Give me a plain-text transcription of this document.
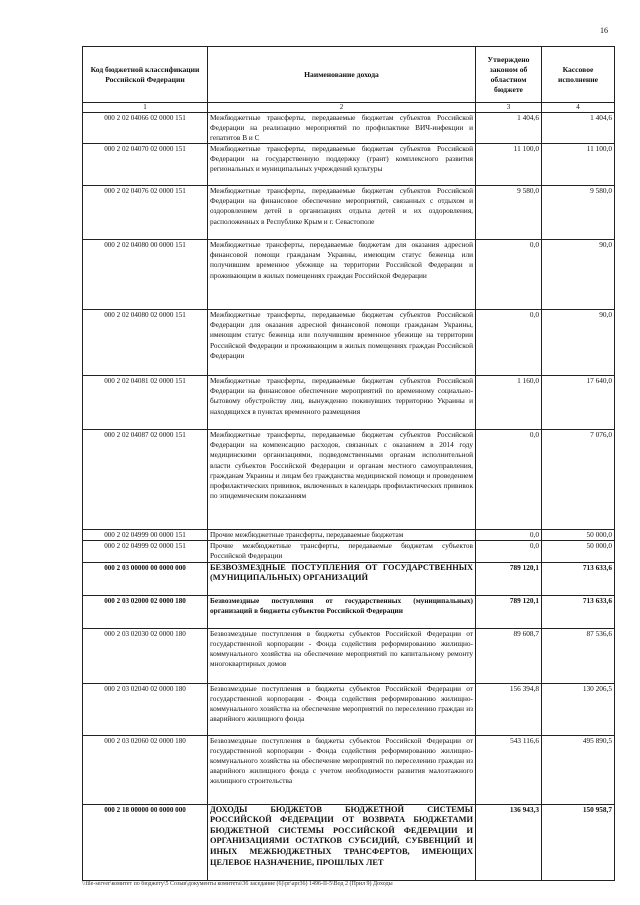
16
Код бюджетной классификации Российской Федерации	Наименование дохода	Утверждено законом об областном бюджете	Кассовое исполнение
1	2	3	4
000 2 02 04066 02 0000 151	Межбюджетные трансферты, передаваемые бюджетам субъектов Российской Федерации на реализацию мероприятий по профилактике ВИЧ-инфекции и гепатитов В и С	1 404,6	1 404,6
000 2 02 04070 02 0000 151	Межбюджетные трансферты, передаваемые бюджетам субъектов Российской Федерации на государственную поддержку (грант) комплексного развития региональных и муниципальных учреждений культуры	11 100,0	11 100,0
000 2 02 04076 02 0000 151	Межбюджетные трансферты, передаваемые бюджетам субъектов Российской Федерации на финансовое обеспечение мероприятий, связанных с отдыхом и оздоровлением детей в организациях отдыха детей и их оздоровления, расположенных в Республике Крым и г. Севастополе	9 580,0	9 580,0
000 2 02 04080 00 0000 151	Межбюджетные трансферты, передаваемые бюджетам для оказания адресной финансовой помощи гражданам Украины, имеющим статус беженца или получившим временное убежище на территории Российской Федерации и проживающим в жилых помещениях граждан Российской Федерации	0,0	90,0
000 2 02 04080 02 0000 151	Межбюджетные трансферты, передаваемые бюджетам субъектов Российской Федерации для оказания адресной финансовой помощи гражданам Украины, имеющим статус беженца или получившим временное убежище на территории Российской Федерации и проживающим в жилых помещениях граждан Российской Федерации	0,0	90,0
000 2 02 04081 02 0000 151	Межбюджетные трансферты, передаваемые бюджетам субъектов Российской Федерации на финансовое обеспечение мероприятий по временному социально-бытовому обустройству лиц, вынужденно покинувших территорию Украины и находящихся в пунктах временного размещения	1 160,0	17 640,0
000 2 02 04087 02 0000 151	Межбюджетные трансферты, передаваемые бюджетам субъектов Российской Федерации на компенсацию расходов, связанных с оказанием в 2014 году медицинскими организациями, подведомственными органам исполнительной власти субъектов Российской Федерации и органам местного самоуправления, гражданам Украины и лицам без гражданства медицинской помощи и проведением профилактических прививок, включенных в календарь профилактических прививок по эпидемическим показаниям	0,0	7 076,0
000 2 02 04999 00 0000 151	Прочие межбюджетные трансферты, передаваемые бюджетам	0,0	50 000,0
000 2 02 04999 02 0000 151	Прочие межбюджетные трансферты, передаваемые бюджетам субъектов Российской Федерации	0,0	50 000,0
000 2 03 00000 00 0000 000	БЕЗВОЗМЕЗДНЫЕ ПОСТУПЛЕНИЯ ОТ ГОСУДАРСТВЕННЫХ (МУНИЦИПАЛЬНЫХ) ОРГАНИЗАЦИЙ	789 120,1	713 633,6
000 2 03 02000 02 0000 180	Безвозмездные поступления от государственных (муниципальных) организаций в бюджеты субъектов Российской Федерации	789 120,1	713 633,6
000 2 03 02030 02 0000 180	Безвозмездные поступления в бюджеты субъектов Российской Федерации от государственной корпорации - Фонда содействия реформированию жилищно-коммунального хозяйства на обеспечение мероприятий по капитальному ремонту многоквартирных домов	89 608,7	87 536,6
000 2 03 02040 02 0000 180	Безвозмездные поступления в бюджеты субъектов Российской Федерации от государственной корпорации - Фонда содействия реформированию жилищно-коммунального хозяйства на обеспечение мероприятий по переселению граждан из аварийного жилищного фонда	156 394,8	130 206,5
000 2 03 02060 02 0000 180	Безвозмездные поступления в бюджеты субъектов Российской Федерации от государственной корпорации - Фонда содействия реформированию жилищно-коммунального хозяйства на обеспечение мероприятий по переселению граждан из аварийного жилищного фонда с учетом необходимости развития малоэтажного жилищного строительства	543 116,6	495 890,5
000 2 18 00000 00 0000 000	ДОХОДЫ БЮДЖЕТОВ БЮДЖЕТНОЙ СИСТЕМЫ РОССИЙСКОЙ ФЕДЕРАЦИИ ОТ ВОЗВРАТА БЮДЖЕТАМИ БЮДЖЕТНОЙ СИСТЕМЫ РОССИЙСКОЙ ФЕДЕРАЦИИ И ОРГАНИЗАЦИЯМИ ОСТАТКОВ СУБСИДИЙ, СУБВЕНЦИЙ И ИНЫХ МЕЖБЮДЖЕТНЫХ ТРАНСФЕРТОВ, ИМЕЮЩИХ ЦЕЛЕВОЕ НАЗНАЧЕНИЕ, ПРОШЛЫХ ЛЕТ	136 943,3	150 958,7
\\file-server\комитет по бюджету\5 Созыв\документы комитета\36 заседание (6)\pr\apr36) 1496-II-5\Вод 2 (Прил 9) Доходы
